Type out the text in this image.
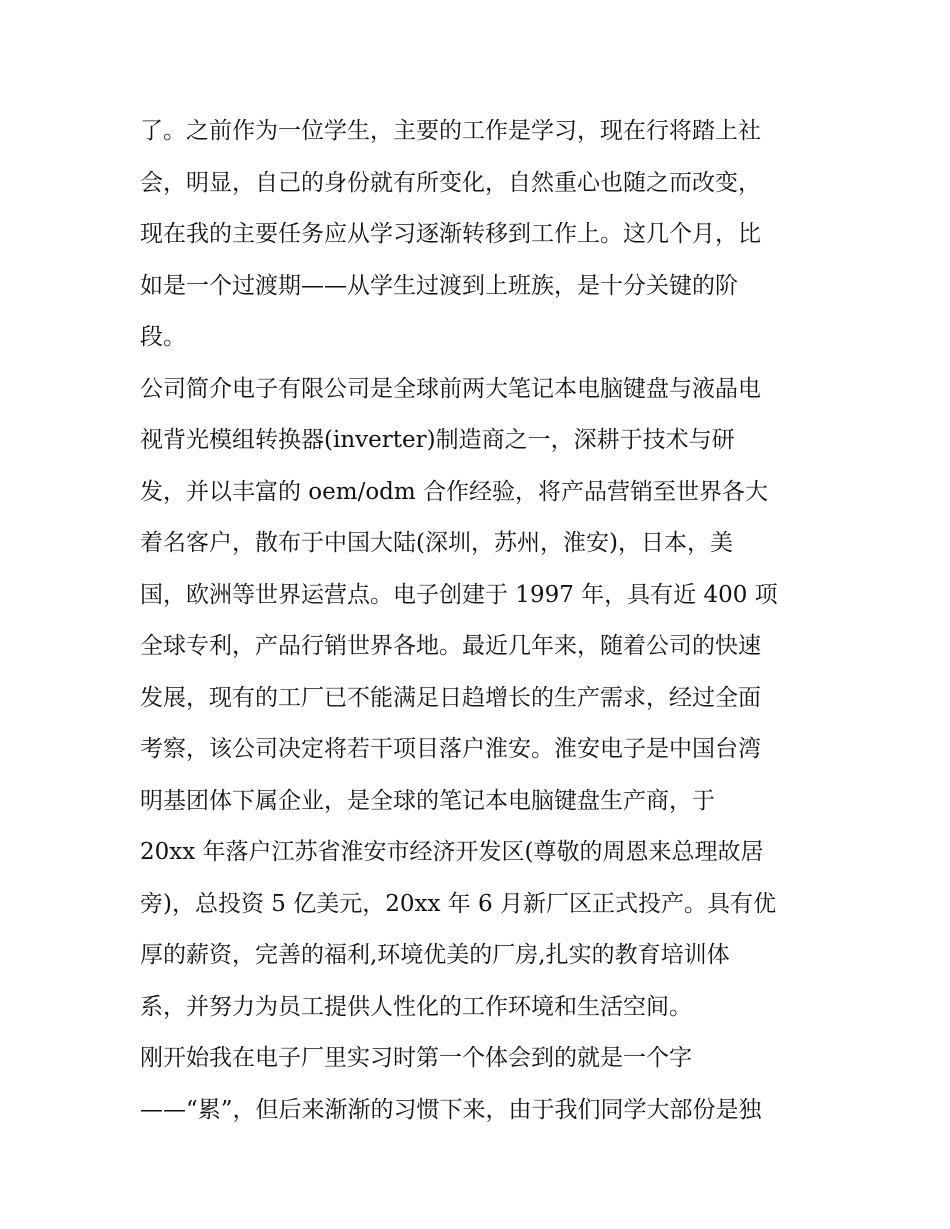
了。之前作为一位学生，主要的工作是学习，现在行将踏上社
会，明显，自己的身份就有所变化，自然重心也随之而改变，
现在我的主要任务应从学习逐渐转移到工作上。这几个月，比
如是一个过渡期——从学生过渡到上班族，是十分关键的阶
段。
公司简介电子有限公司是全球前两大笔记本电脑键盘与液晶电
视背光模组转换器(inverter)制造商之一，深耕于技术与研
发，并以丰富的 oem/odm 合作经验，将产品营销至世界各大
着名客户，散布于中国大陆(深圳，苏州，淮安)，日本，美
国，欧洲等世界运营点。电子创建于 1997 年，具有近 400 项
全球专利，产品行销世界各地。最近几年来，随着公司的快速
发展，现有的工厂已不能满足日趋增长的生产需求，经过全面
考察，该公司决定将若干项目落户淮安。淮安电子是中国台湾
明基团体下属企业，是全球的笔记本电脑键盘生产商，于
20xx 年落户江苏省淮安市经济开发区(尊敬的周恩来总理故居
旁)，总投资 5 亿美元，20xx 年 6 月新厂区正式投产。具有优
厚的薪资，完善的福利,环境优美的厂房,扎实的教育培训体
系，并努力为员工提供人性化的工作环境和生活空间。
刚开始我在电子厂里实习时第一个体会到的就是一个字
——“累”，但后来渐渐的习惯下来，由于我们同学大部份是独
